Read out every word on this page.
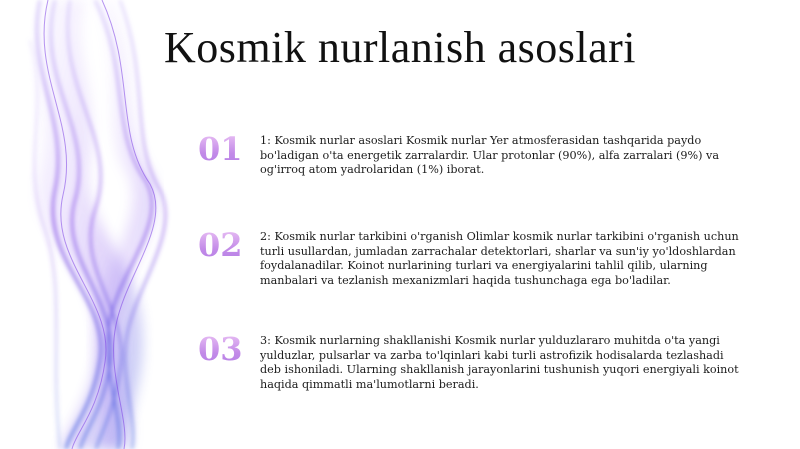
Kosmik nurlanish asoslari
01	1: Kosmik nurlar asoslari Kosmik nurlar Yer atmosferasidan tashqarida paydo bo'ladigan o'ta energetik zarralardir. Ular protonlar (90%), alfa zarralari (9%) va og'irroq atom yadrolaridan (1%) iborat.
02	2: Kosmik nurlar tarkibini o'rganish Olimlar kosmik nurlar tarkibini o'rganish uchun turli usullardan, jumladan zarrachalar detektorlari, sharlar va sun'iy yo'ldoshlardan foydalanadilar. Koinot nurlarining turlari va energiyalarini tahlil qilib, ularning manbalari va tezlanish mexanizmlari haqida tushunchaga ega bo'ladilar.
03	3: Kosmik nurlarning shakllanishi Kosmik nurlar yulduzlararo muhitda o'ta yangi yulduzlar, pulsarlar va zarba to'lqinlari kabi turli astrofizik hodisalarda tezlashadi deb ishoniladi. Ularning shakllanish jarayonlarini tushunish yuqori energiyali koinot haqida qimmatli ma'lumotlarni beradi.
